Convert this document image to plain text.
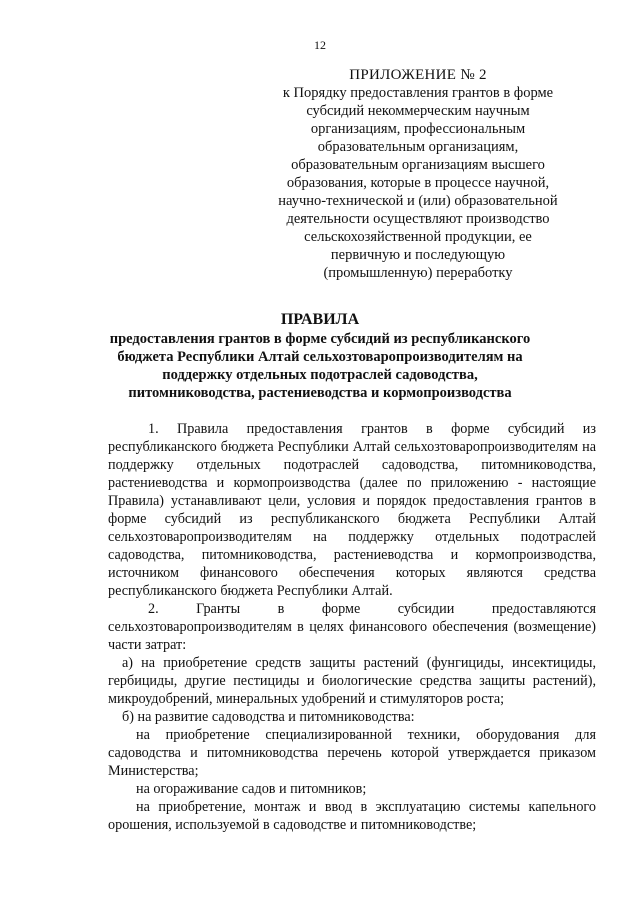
12
ПРИЛОЖЕНИЕ № 2
к Порядку предоставления грантов в форме
субсидий некоммерческим научным
организациям, профессиональным
образовательным организациям,
образовательным организациям высшего
образования, которые в процессе научной,
научно-технической и (или) образовательной
деятельности осуществляют производство
сельскохозяйственной продукции, ее
первичную и последующую
(промышленную) переработку
ПРАВИЛА
предоставления грантов в форме субсидий из республиканского бюджета Республики Алтай сельхозтоваропроизводителям на поддержку отдельных подотраслей садоводства, питомниководства, растениеводства и кормопроизводства

1. Правила предоставления грантов в форме субсидий из республиканского бюджета Республики Алтай сельхозтоваропроизводителям на поддержку отдельных подотраслей садоводства, питомниководства, растениеводства и кормопроизводства (далее по приложению - настоящие Правила) устанавливают цели, условия и порядок предоставления грантов в форме субсидий из республиканского бюджета Республики Алтай сельхозтоваропроизводителям на поддержку отдельных подотраслей садоводства, питомниководства, растениеводства и кормопроизводства, источником финансового обеспечения которых являются средства республиканского бюджета Республики Алтай.

2. Гранты в форме субсидии предоставляются сельхозтоваропроизводителям в целях финансового обеспечения (возмещение) части затрат:

а) на приобретение средств защиты растений (фунгициды, инсектициды, гербициды, другие пестициды и биологические средства защиты растений), микроудобрений, минеральных удобрений и стимуляторов роста;

б) на развитие садоводства и питомниководства:

на приобретение специализированной техники, оборудования для садоводства и питомниководства перечень которой утверждается приказом Министерства;

на огораживание садов и питомников;

на приобретение, монтаж и ввод в эксплуатацию системы капельного орошения, используемой в садоводстве и питомниководстве;
